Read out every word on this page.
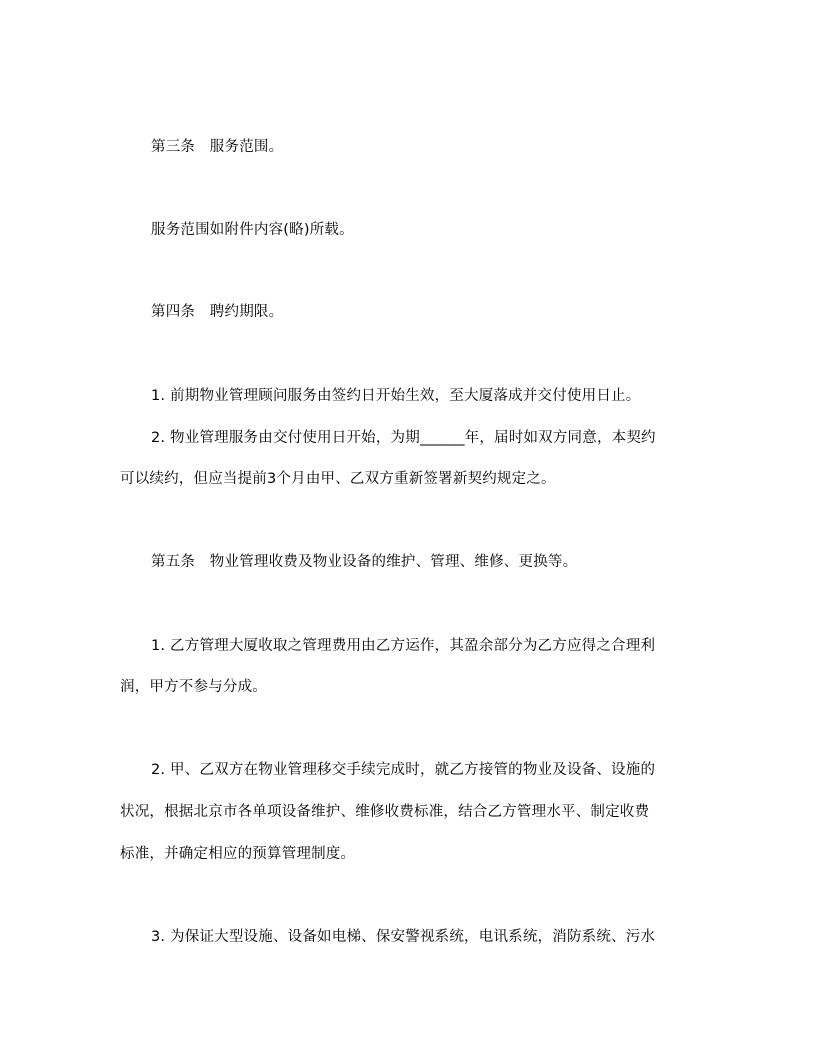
第三条　服务范围。
服务范围如附件内容(略)所载。
第四条　聘约期限。
1. 前期物业管理顾问服务由签约日开始生效，至大厦落成并交付使用日止。
2. 物业管理服务由交付使用日开始，为期______年，届时如双方同意，本契约
可以续约，但应当提前3个月由甲、乙双方重新签署新契约规定之。
第五条　物业管理收费及物业设备的维护、管理、维修、更换等。
1. 乙方管理大厦收取之管理费用由乙方运作，其盈余部分为乙方应得之合理利
润，甲方不参与分成。
2. 甲、乙双方在物业管理移交手续完成时，就乙方接管的物业及设备、设施的
状况，根据北京市各单项设备维护、维修收费标准，结合乙方管理水平、制定收费
标准，并确定相应的预算管理制度。
3. 为保证大型设施、设备如电梯、保安警视系统，电讯系统，消防系统、污水
